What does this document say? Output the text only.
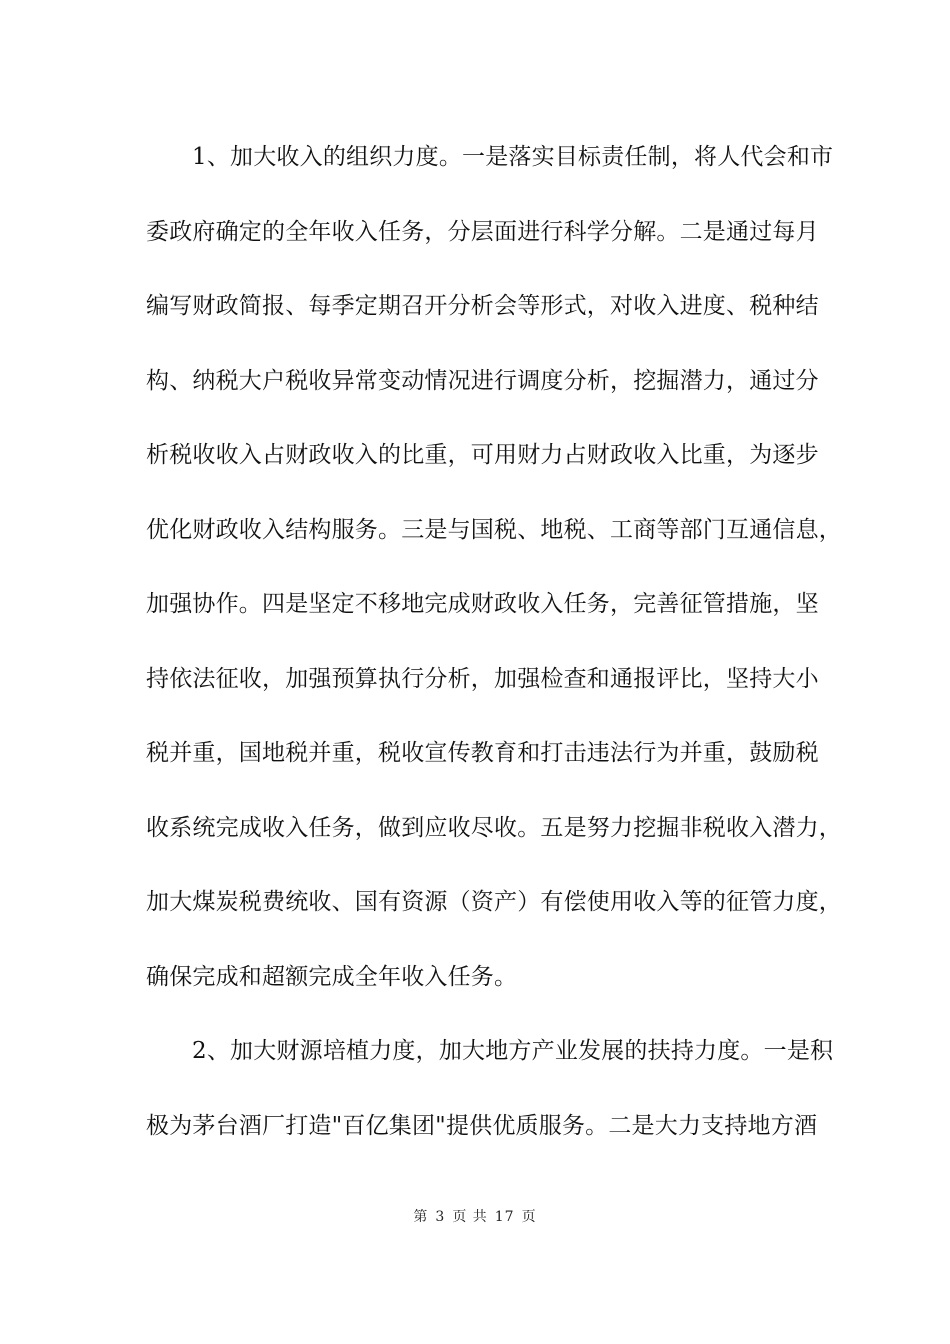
1、加大收入的组织力度。一是落实目标责任制，将人代会和市
委政府确定的全年收入任务，分层面进行科学分解。二是通过每月
编写财政简报、每季定期召开分析会等形式，对收入进度、税种结
构、纳税大户税收异常变动情况进行调度分析，挖掘潜力，通过分
析税收收入占财政收入的比重，可用财力占财政收入比重，为逐步
优化财政收入结构服务。三是与国税、地税、工商等部门互通信息，
加强协作。四是坚定不移地完成财政收入任务，完善征管措施，坚
持依法征收，加强预算执行分析，加强检查和通报评比，坚持大小
税并重，国地税并重，税收宣传教育和打击违法行为并重，鼓励税
收系统完成收入任务，做到应收尽收。五是努力挖掘非税收入潜力，
加大煤炭税费统收、国有资源（资产）有偿使用收入等的征管力度，
确保完成和超额完成全年收入任务。
2、加大财源培植力度，加大地方产业发展的扶持力度。一是积
极为茅台酒厂打造"百亿集团"提供优质服务。二是大力支持地方酒
第 3 页 共 17 页
